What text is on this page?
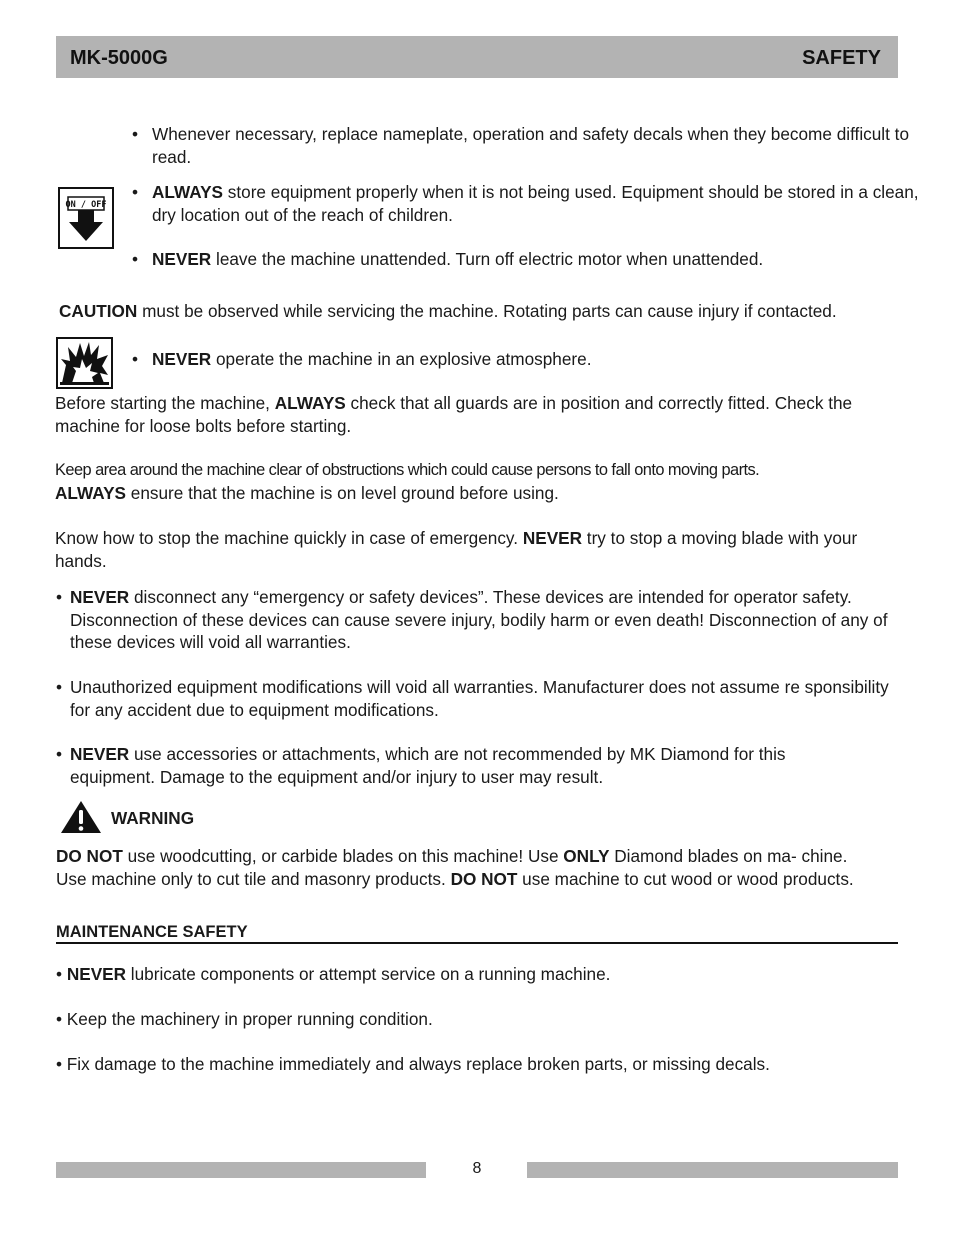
MK-5000G	SAFETY
• Whenever necessary, replace nameplate, operation and safety decals when they become difficult to read.

ON / OFF
• ALWAYS store equipment properly when it is not being used. Equipment should be stored in a clean, dry location out of the reach of children.

• NEVER leave the machine unattended. Turn off electric motor when unattended.

CAUTION must be observed while servicing the machine. Rotating parts can cause injury if contacted.

• NEVER operate the machine in an explosive atmosphere.

Before starting the machine, ALWAYS check that all guards are in position and correctly fitted. Check the machine for loose bolts before starting.

Keep area around the machine clear of obstructions which could cause persons to fall onto moving parts.

ALWAYS ensure that the machine is on level ground before using.

Know how to stop the machine quickly in case of emergency. NEVER try to stop a moving blade with your hands.

• NEVER disconnect any “emergency or safety devices”. These devices are intended for operator safety. Disconnection of these devices can cause severe injury, bodily harm or even death! Disconnection of any of these devices will void all warranties.

• Unauthorized equipment modifications will void all warranties. Manufacturer does not assume re sponsibility for any accident due to equipment modifications.

• NEVER use accessories or attachments, which are not recommended by MK Diamond for this equipment. Damage to the equipment and/or injury to user may result.

WARNING

DO NOT use woodcutting, or carbide blades on this machine! Use ONLY Diamond blades on ma- chine. Use machine only to cut tile and masonry products. DO NOT use machine to cut wood or wood products.

MAINTENANCE SAFETY

• NEVER lubricate components or attempt service on a running machine.

• Keep the machinery in proper running condition.

• Fix damage to the machine immediately and always replace broken parts, or missing decals.

8
